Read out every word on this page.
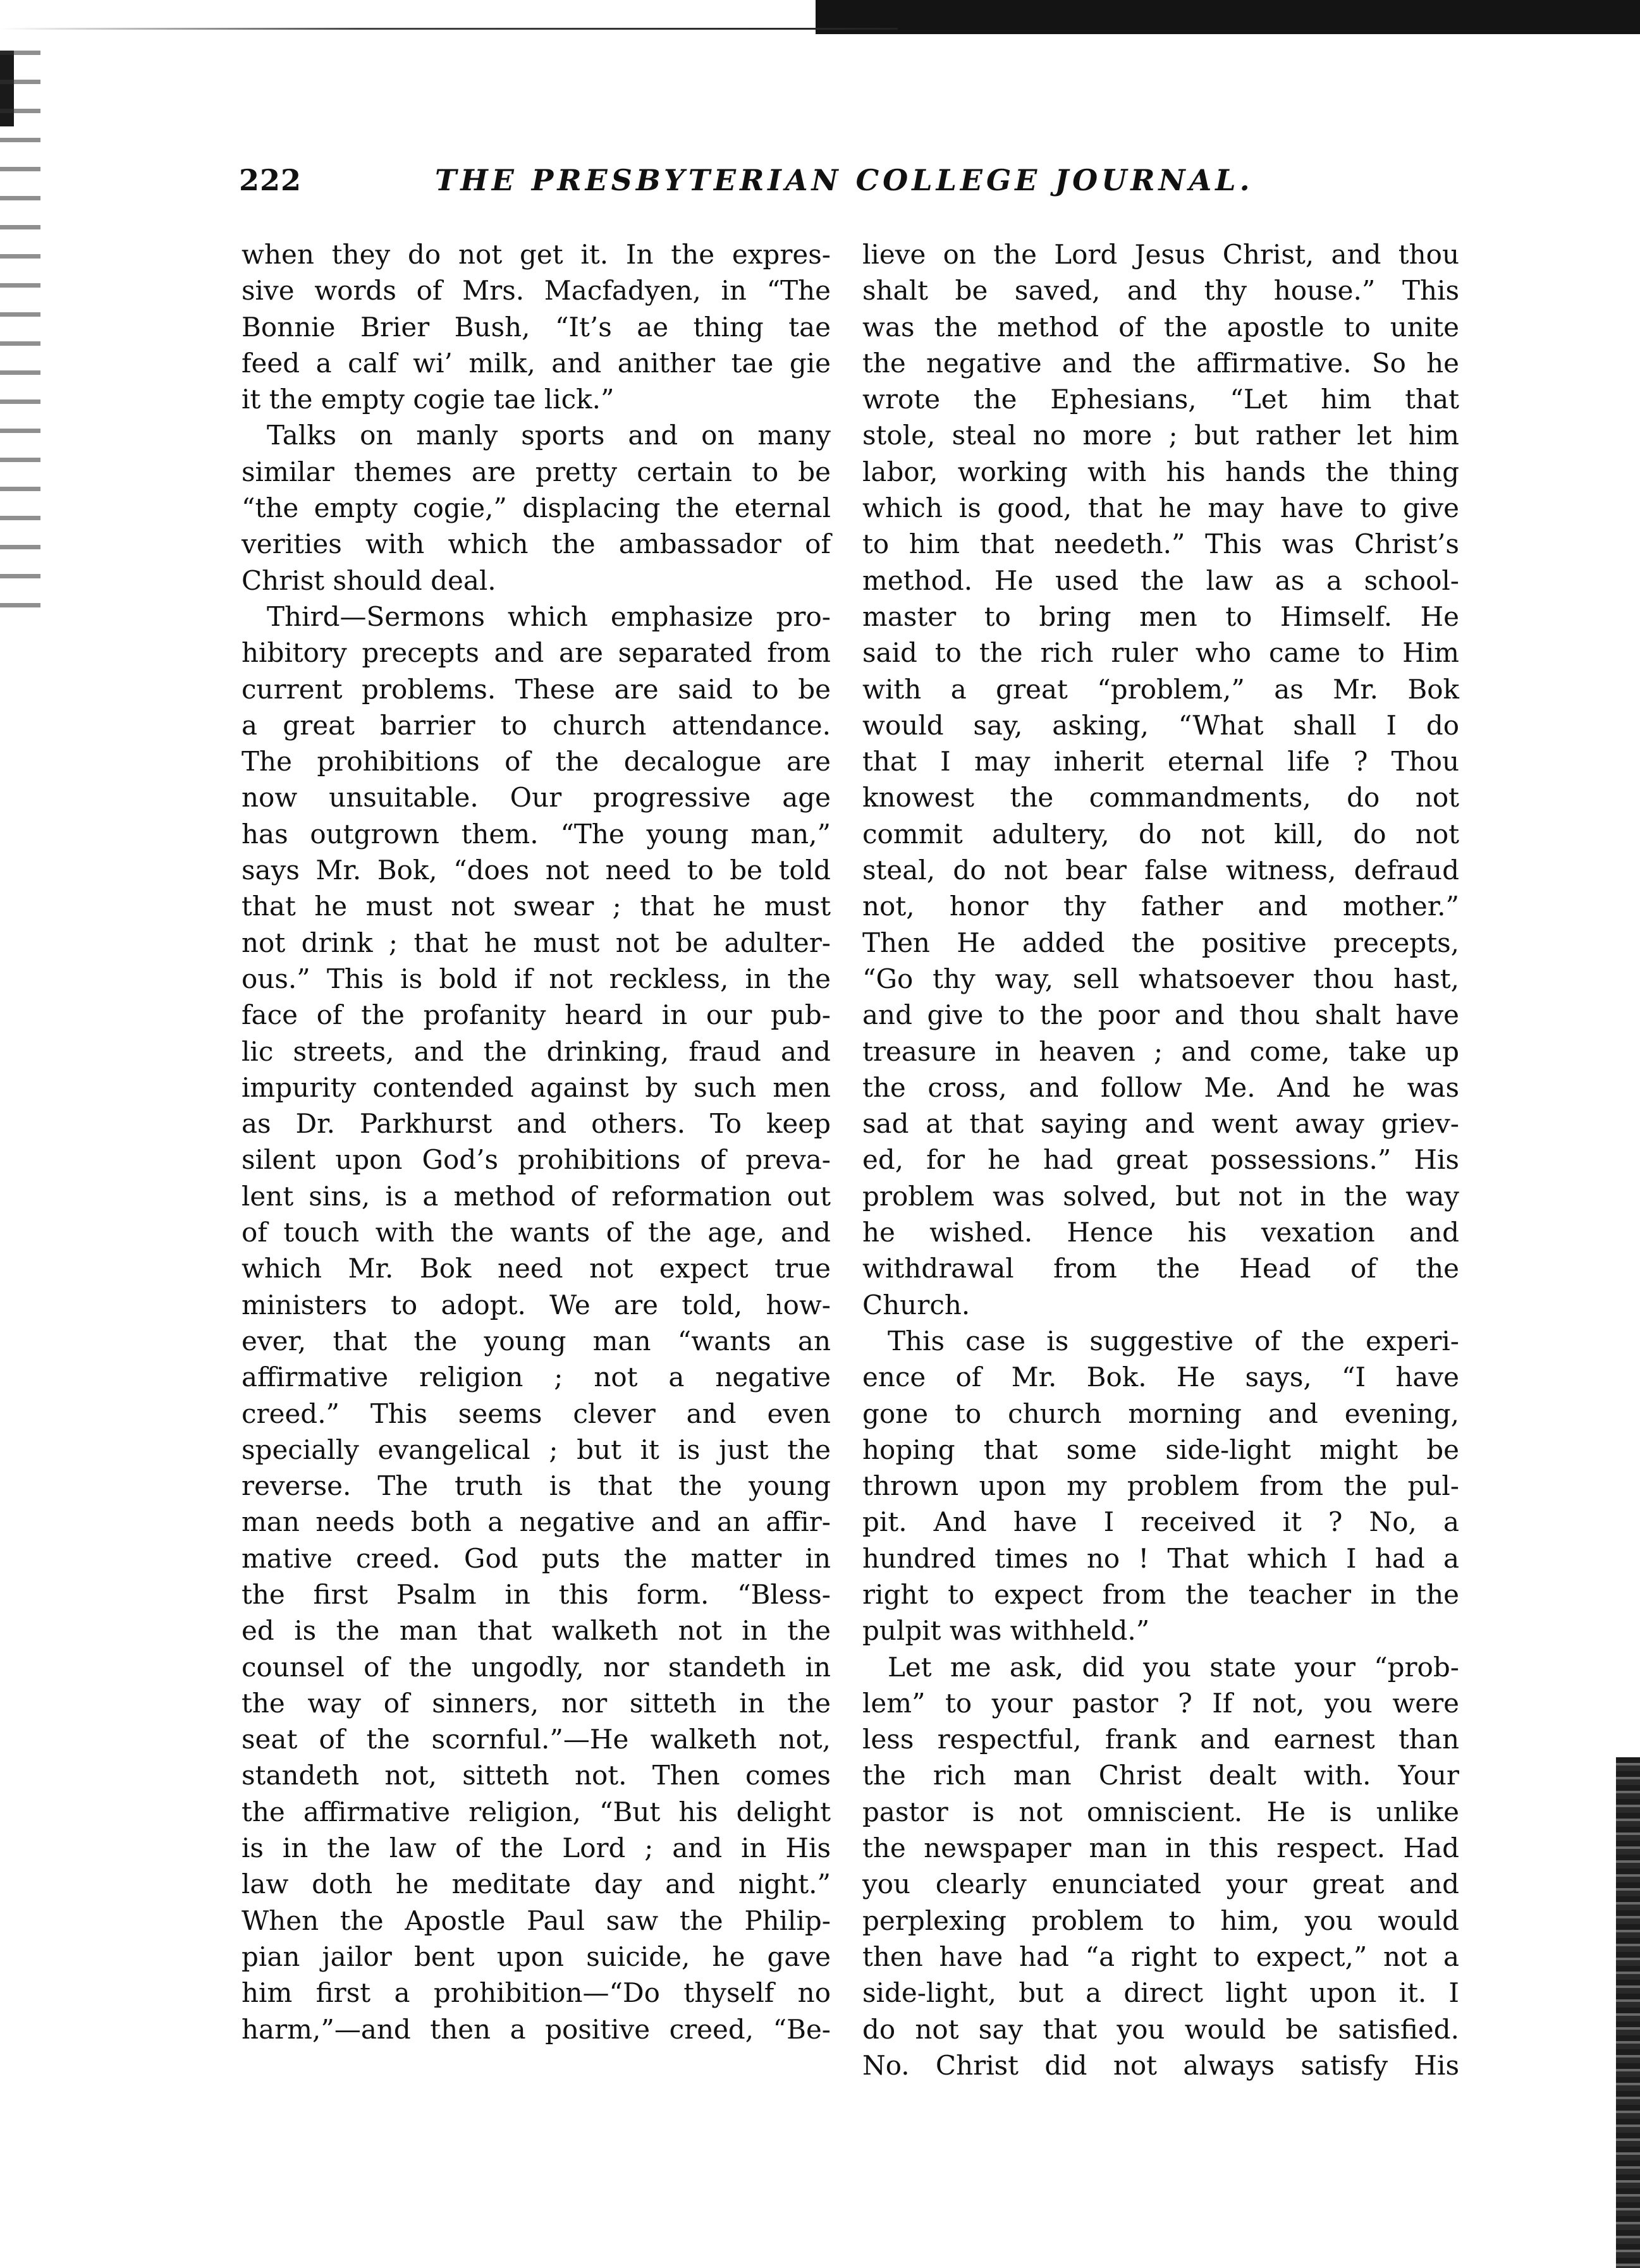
222	THE PRESBYTERIAN COLLEGE JOURNAL.
when they do not get it. In the expres-
sive words of Mrs. Macfadyen, in “The
Bonnie Brier Bush, “It’s ae thing tae
feed a calf wi’ milk, and anither tae gie
it the empty cogie tae lick.”
Talks on manly sports and on many
similar themes are pretty certain to be
“the empty cogie,” displacing the eternal
verities with which the ambassador of
Christ should deal.
Third—Sermons which emphasize pro-
hibitory precepts and are separated from
current problems. These are said to be
a great barrier to church attendance.
The prohibitions of the decalogue are
now unsuitable. Our progressive age
has outgrown them. “The young man,”
says Mr. Bok, “does not need to be told
that he must not swear ; that he must
not drink ; that he must not be adulter-
ous.” This is bold if not reckless, in the
face of the profanity heard in our pub-
lic streets, and the drinking, fraud and
impurity contended against by such men
as Dr. Parkhurst and others. To keep
silent upon God’s prohibitions of preva-
lent sins, is a method of reformation out
of touch with the wants of the age, and
which Mr. Bok need not expect true
ministers to adopt. We are told, how-
ever, that the young man “wants an
affirmative religion ; not a negative
creed.” This seems clever and even
specially evangelical ; but it is just the
reverse. The truth is that the young
man needs both a negative and an affir-
mative creed. God puts the matter in
the first Psalm in this form. “Bless-
ed is the man that walketh not in the
counsel of the ungodly, nor standeth in
the way of sinners, nor sitteth in the
seat of the scornful.”—He walketh not,
standeth not, sitteth not. Then comes
the affirmative religion, “But his delight
is in the law of the Lord ; and in His
law doth he meditate day and night.”
When the Apostle Paul saw the Philip-
pian jailor bent upon suicide, he gave
him first a prohibition—“Do thyself no
harm,”—and then a positive creed, “Be-
lieve on the Lord Jesus Christ, and thou
shalt be saved, and thy house.” This
was the method of the apostle to unite
the negative and the affirmative. So he
wrote the Ephesians, “Let him that
stole, steal no more ; but rather let him
labor, working with his hands the thing
which is good, that he may have to give
to him that needeth.” This was Christ’s
method. He used the law as a school-
master to bring men to Himself. He
said to the rich ruler who came to Him
with a great “problem,” as Mr. Bok
would say, asking, “What shall I do
that I may inherit eternal life ? Thou
knowest the commandments, do not
commit adultery, do not kill, do not
steal, do not bear false witness, defraud
not, honor thy father and mother.”
Then He added the positive precepts,
“Go thy way, sell whatsoever thou hast,
and give to the poor and thou shalt have
treasure in heaven ; and come, take up
the cross, and follow Me. And he was
sad at that saying and went away griev-
ed, for he had great possessions.” His
problem was solved, but not in the way
he wished. Hence his vexation and
withdrawal from the Head of the
Church.
This case is suggestive of the experi-
ence of Mr. Bok. He says, “I have
gone to church morning and evening,
hoping that some side-light might be
thrown upon my problem from the pul-
pit. And have I received it ? No, a
hundred times no ! That which I had a
right to expect from the teacher in the
pulpit was withheld.”
Let me ask, did you state your “prob-
lem” to your pastor ? If not, you were
less respectful, frank and earnest than
the rich man Christ dealt with. Your
pastor is not omniscient. He is unlike
the newspaper man in this respect. Had
you clearly enunciated your great and
perplexing problem to him, you would
then have had “a right to expect,” not a
side-light, but a direct light upon it. I
do not say that you would be satisfied.
No. Christ did not always satisfy His
